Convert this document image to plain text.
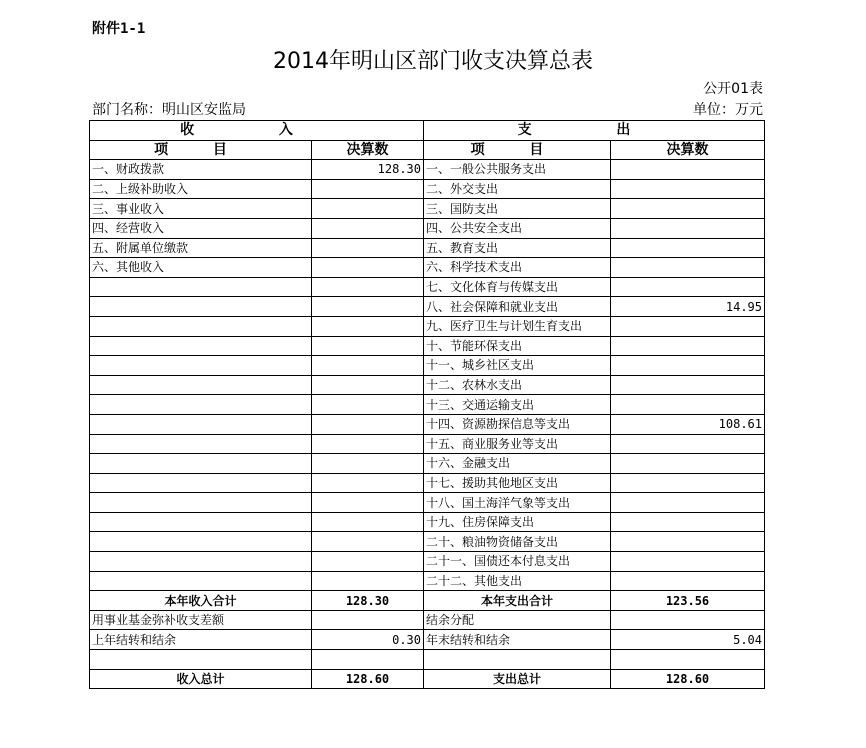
附件1-1
2014年明山区部门收支决算总表
公开01表
部门名称：明山区安监局	单位：万元
收 入		支 出	
项 目	决算数	项 目	决算数
一、财政拨款	128.30	一、一般公共服务支出	
二、上级补助收入		二、外交支出	
三、事业收入		三、国防支出	
四、经营收入		四、公共安全支出	
五、附属单位缴款		五、教育支出	
六、其他收入		六、科学技术支出	
		七、文化体育与传媒支出	
		八、社会保障和就业支出	14.95
		九、医疗卫生与计划生育支出	
		十、节能环保支出	
		十一、城乡社区支出	
		十二、农林水支出	
		十三、交通运输支出	
		十四、资源勘探信息等支出	108.61
		十五、商业服务业等支出	
		十六、金融支出	
		十七、援助其他地区支出	
		十八、国土海洋气象等支出	
		十九、住房保障支出	
		二十、粮油物资储备支出	
		二十一、国债还本付息支出	
		二十二、其他支出	
本年收入合计	128.30	本年支出合计	123.56
用事业基金弥补收支差额		结余分配	
上年结转和结余	0.30	年末结转和结余	5.04

收入总计	128.60	支出总计	128.60
